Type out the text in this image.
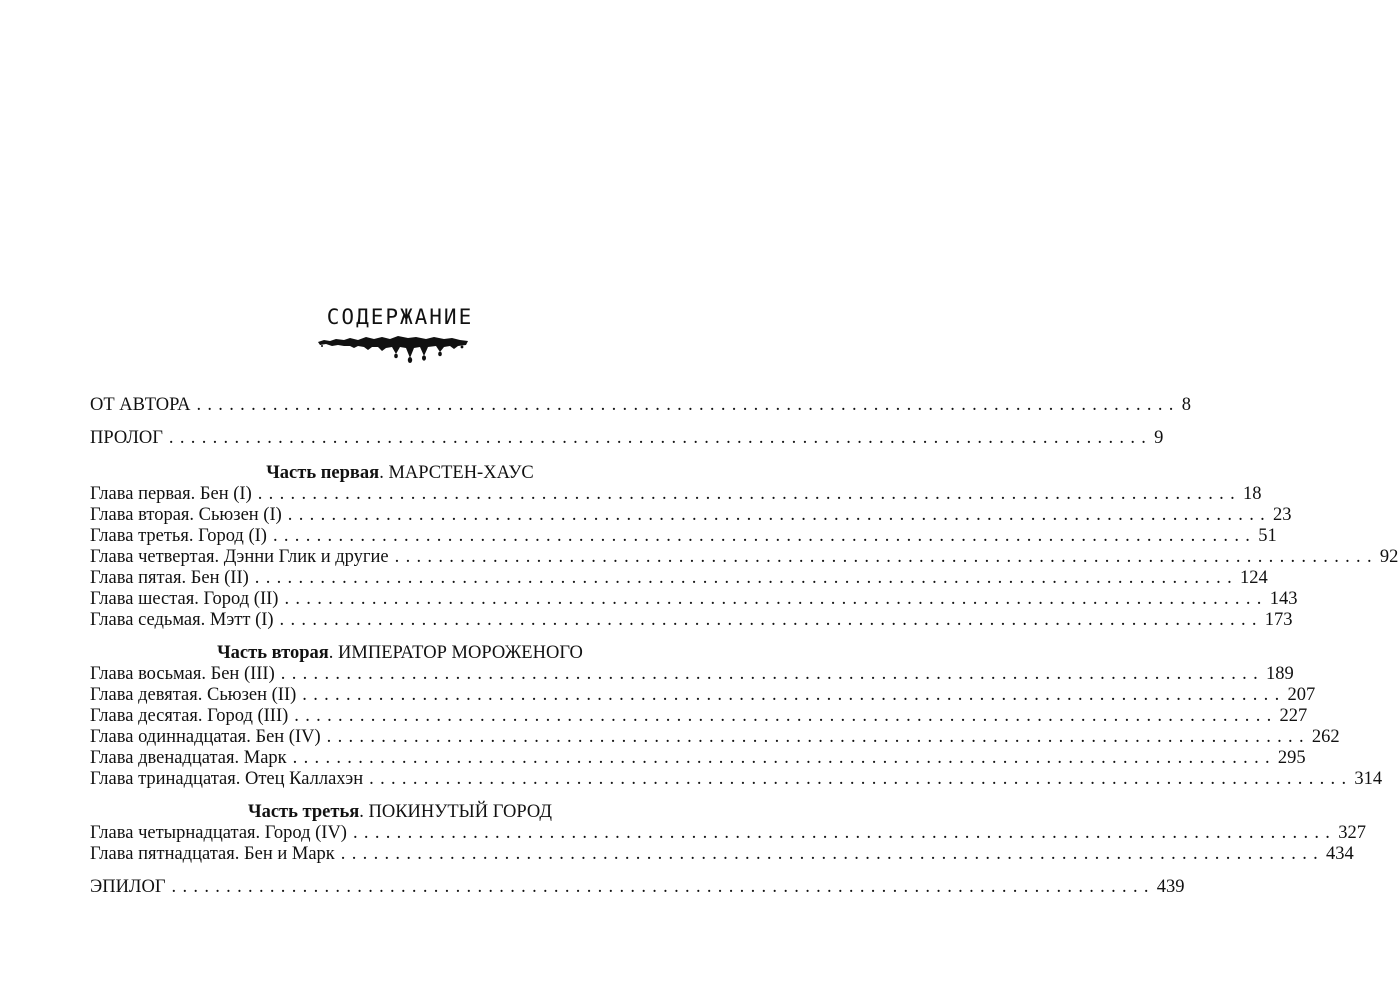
СОДЕРЖАНИЕ
ОТ АВТОРА .......................................................................................... 8
ПРОЛОГ .......................................................................................... 9
Часть первая. МАРСТЕН-ХАУС
Глава первая. Бен (I) .......................................................................................... 18
Глава вторая. Сьюзен (I) .......................................................................................... 23
Глава третья. Город (I) .......................................................................................... 51
Глава четвертая. Дэнни Глик и другие .......................................................................................... 92
Глава пятая. Бен (II) .......................................................................................... 124
Глава шестая. Город (II) .......................................................................................... 143
Глава седьмая. Мэтт (I) .......................................................................................... 173
Часть вторая. ИМПЕРАТОР МОРОЖЕНОГО
Глава восьмая. Бен (III) .......................................................................................... 189
Глава девятая. Сьюзен (II) .......................................................................................... 207
Глава десятая. Город (III) .......................................................................................... 227
Глава одиннадцатая. Бен (IV) .......................................................................................... 262
Глава двенадцатая. Марк .......................................................................................... 295
Глава тринадцатая. Отец Каллахэн .......................................................................................... 314
Часть третья. ПОКИНУТЫЙ ГОРОД
Глава четырнадцатая. Город (IV) .......................................................................................... 327
Глава пятнадцатая. Бен и Марк .......................................................................................... 434
ЭПИЛОГ .......................................................................................... 439
